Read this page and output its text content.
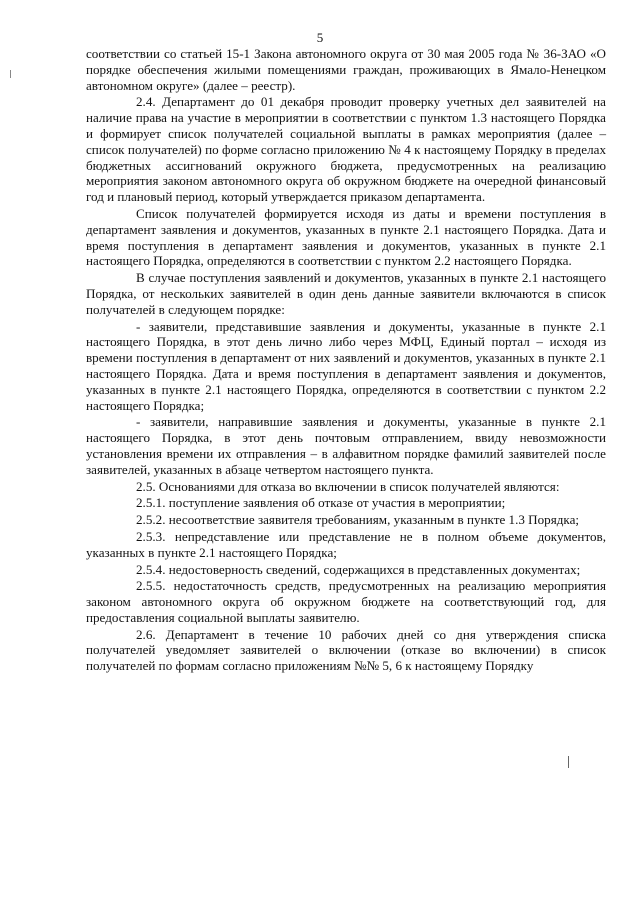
5

соответствии со статьей 15-1 Закона автономного округа от 30 мая 2005 года № 36-ЗАО «О порядке обеспечения жилыми помещениями граждан, проживающих в Ямало-Ненецком автономном округе» (далее – реестр).

2.4. Департамент до 01 декабря проводит проверку учетных дел заявителей на наличие права на участие в мероприятии в соответствии с пунктом 1.3 настоящего Порядка и формирует список получателей социальной выплаты в рамках мероприятия (далее – список получателей) по форме согласно приложению № 4 к настоящему Порядку в пределах бюджетных ассигнований окружного бюджета, предусмотренных на реализацию мероприятия законом автономного округа об окружном бюджете на очередной финансовый год и плановый период, который утверждается приказом департамента.

Список получателей формируется исходя из даты и времени поступления в департамент заявления и документов, указанных в пункте 2.1 настоящего Порядка. Дата и время поступления в департамент заявления и документов, указанных в пункте 2.1 настоящего Порядка, определяются в соответствии с пунктом 2.2 настоящего Порядка.

В случае поступления заявлений и документов, указанных в пункте 2.1 настоящего Порядка, от нескольких заявителей в один день данные заявители включаются в список получателей в следующем порядке:

- заявители, представившие заявления и документы, указанные в пункте 2.1 настоящего Порядка, в этот день лично либо через МФЦ, Единый портал – исходя из времени поступления в департамент от них заявлений и документов, указанных в пункте 2.1 настоящего Порядка. Дата и время поступления в департамент заявления и документов, указанных в пункте 2.1 настоящего Порядка, определяются в соответствии с пунктом 2.2 настоящего Порядка;

- заявители, направившие заявления и документы, указанные в пункте 2.1 настоящего Порядка, в этот день почтовым отправлением, ввиду невозможности установления времени их отправления – в алфавитном порядке фамилий заявителей после заявителей, указанных в абзаце четвертом настоящего пункта.

2.5. Основаниями для отказа во включении в список получателей являются:

2.5.1. поступление заявления об отказе от участия в мероприятии;

2.5.2. несоответствие заявителя требованиям, указанным в пункте 1.3 Порядка;

2.5.3. непредставление или представление не в полном объеме документов, указанных в пункте 2.1 настоящего Порядка;

2.5.4. недостоверность сведений, содержащихся в представленных документах;

2.5.5. недостаточность средств, предусмотренных на реализацию мероприятия законом автономного округа об окружном бюджете на соответствующий год, для предоставления социальной выплаты заявителю.

2.6. Департамент в течение 10 рабочих дней со дня утверждения списка получателей уведомляет заявителей о включении (отказе во включении) в список получателей по формам согласно приложениям №№ 5, 6 к настоящему Порядку
